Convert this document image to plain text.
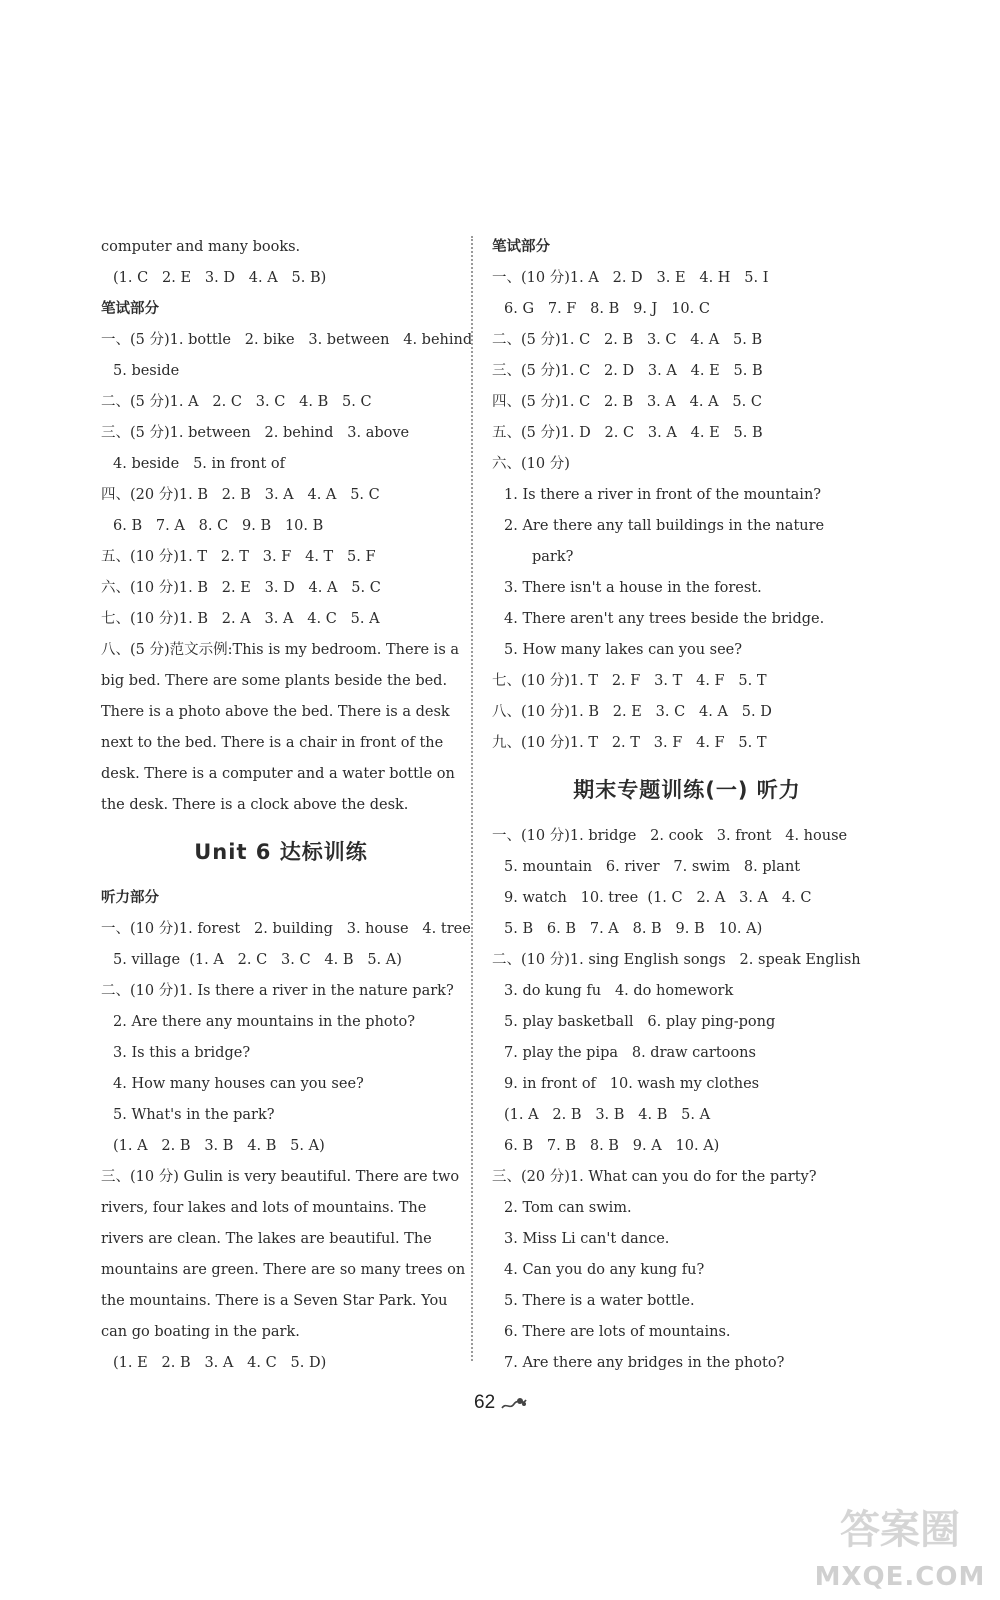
computer and many books.
(1. C   2. E   3. D   4. A   5. B)
笔试部分
一、(5 分)1. bottle   2. bike   3. between   4. behind
5. beside
二、(5 分)1. A   2. C   3. C   4. B   5. C
三、(5 分)1. between   2. behind   3. above
4. beside   5. in front of
四、(20 分)1. B   2. B   3. A   4. A   5. C
6. B   7. A   8. C   9. B   10. B
五、(10 分)1. T   2. T   3. F   4. T   5. F
六、(10 分)1. B   2. E   3. D   4. A   5. C
七、(10 分)1. B   2. A   3. A   4. C   5. A
八、(5 分)范文示例:This is my bedroom. There is a
big bed. There are some plants beside the bed.
There is a photo above the bed. There is a desk
next to the bed. There is a chair in front of the
desk. There is a computer and a water bottle on
the desk. There is a clock above the desk.
Unit 6 达标训练
听力部分
一、(10 分)1. forest   2. building   3. house   4. tree
5. village  (1. A   2. C   3. C   4. B   5. A)
二、(10 分)1. Is there a river in the nature park?
2. Are there any mountains in the photo?
3. Is this a bridge?
4. How many houses can you see?
5. What's in the park?
(1. A   2. B   3. B   4. B   5. A)
三、(10 分) Gulin is very beautiful. There are two
rivers, four lakes and lots of mountains. The
rivers are clean. The lakes are beautiful. The
mountains are green. There are so many trees on
the mountains. There is a Seven Star Park. You
can go boating in the park.
(1. E   2. B   3. A   4. C   5. D)
笔试部分
一、(10 分)1. A   2. D   3. E   4. H   5. I
6. G   7. F   8. B   9. J   10. C
二、(5 分)1. C   2. B   3. C   4. A   5. B
三、(5 分)1. C   2. D   3. A   4. E   5. B
四、(5 分)1. C   2. B   3. A   4. A   5. C
五、(5 分)1. D   2. C   3. A   4. E   5. B
六、(10 分)
1. Is there a river in front of the mountain?
2. Are there any tall buildings in the nature
park?
3. There isn't a house in the forest.
4. There aren't any trees beside the bridge.
5. How many lakes can you see?
七、(10 分)1. T   2. F   3. T   4. F   5. T
八、(10 分)1. B   2. E   3. C   4. A   5. D
九、(10 分)1. T   2. T   3. F   4. F   5. T
期末专题训练(一) 听力
一、(10 分)1. bridge   2. cook   3. front   4. house
5. mountain   6. river   7. swim   8. plant
9. watch   10. tree  (1. C   2. A   3. A   4. C
5. B   6. B   7. A   8. B   9. B   10. A)
二、(10 分)1. sing English songs   2. speak English
3. do kung fu   4. do homework
5. play basketball   6. play ping-pong
7. play the pipa   8. draw cartoons
9. in front of   10. wash my clothes
(1. A   2. B   3. B   4. B   5. A
6. B   7. B   8. B   9. A   10. A)
三、(20 分)1. What can you do for the party?
2. Tom can swim.
3. Miss Li can't dance.
4. Can you do any kung fu?
5. There is a water bottle.
6. There are lots of mountains.
7. Are there any bridges in the photo?
62
答案圈
MXQE.COM
